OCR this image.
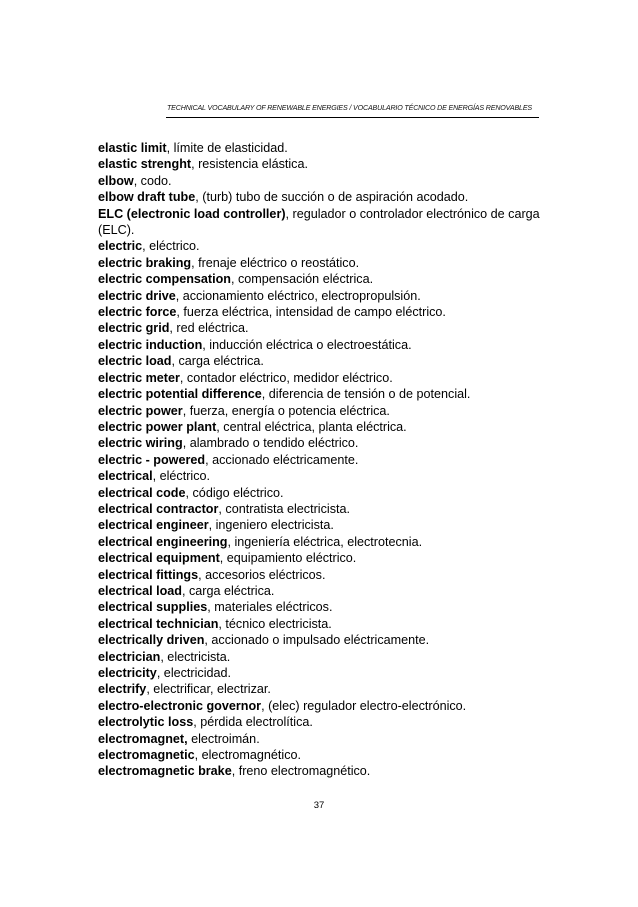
TECHNICAL VOCABULARY OF RENEWABLE ENERGIES / VOCABULARIO TÉCNICO DE ENERGÍAS RENOVABLES
elastic limit, límite de elasticidad.
elastic strenght, resistencia elástica.
elbow, codo.
elbow draft tube, (turb) tubo de succión o de aspiración acodado.
ELC (electronic load controller), regulador o controlador electrónico de carga (ELC).
electric, eléctrico.
electric braking, frenaje eléctrico o reostático.
electric compensation, compensación eléctrica.
electric drive, accionamiento eléctrico, electropropulsión.
electric force, fuerza eléctrica, intensidad de campo eléctrico.
electric grid, red eléctrica.
electric induction, inducción eléctrica o electroestática.
electric load, carga eléctrica.
electric meter, contador eléctrico, medidor eléctrico.
electric potential difference, diferencia de tensión o de potencial.
electric power, fuerza, energía o potencia eléctrica.
electric power plant, central eléctrica, planta eléctrica.
electric wiring, alambrado o tendido eléctrico.
electric - powered, accionado eléctricamente.
electrical, eléctrico.
electrical code, código eléctrico.
electrical contractor, contratista electricista.
electrical engineer, ingeniero electricista.
electrical engineering, ingeniería eléctrica, electrotecnia.
electrical equipment, equipamiento eléctrico.
electrical fittings, accesorios eléctricos.
electrical load, carga eléctrica.
electrical supplies, materiales eléctricos.
electrical technician, técnico electricista.
electrically driven, accionado o impulsado eléctricamente.
electrician, electricista.
electricity, electricidad.
electrify, electrificar, electrizar.
electro-electronic governor, (elec) regulador electro-electrónico.
electrolytic loss, pérdida electrolítica.
electromagnet, electroimán.
electromagnetic, electromagnético.
electromagnetic brake, freno electromagnético.
37
